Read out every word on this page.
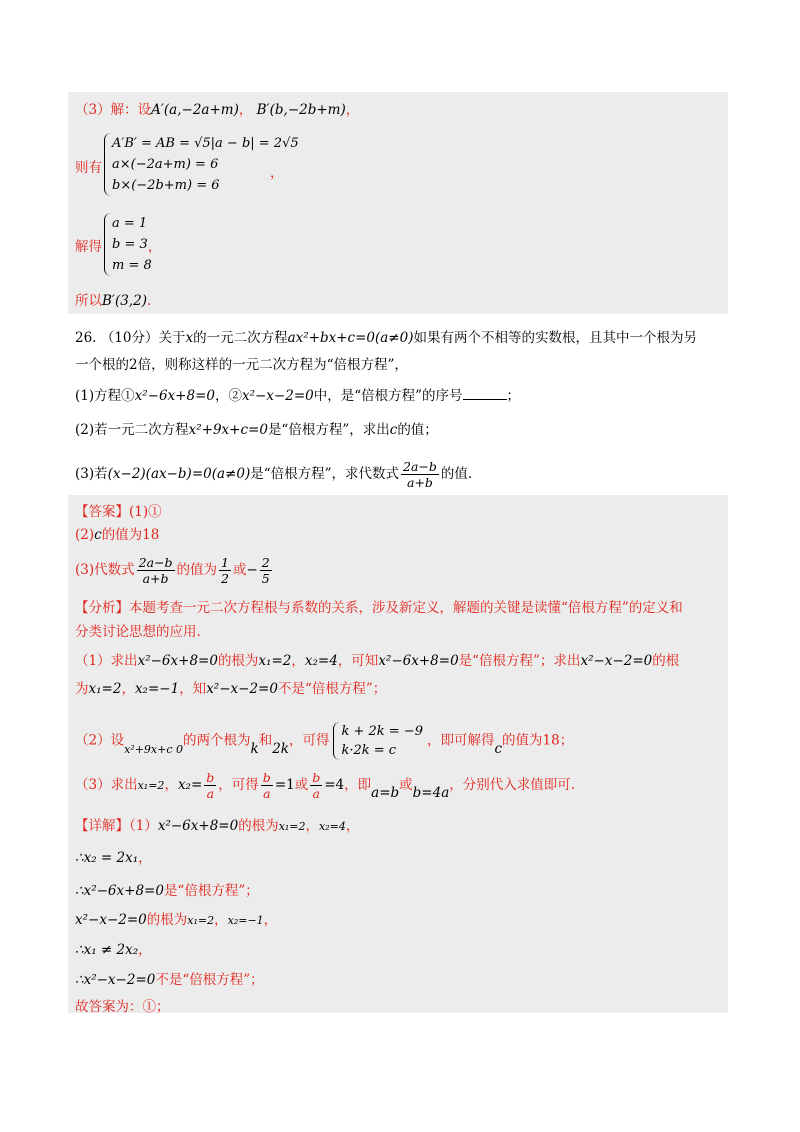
（3）解：设A′(a,−2a+m)， B′(b,−2b+m)，
则有
A′B′ = AB = √5|a − b| = 2√5
a×(−2a+m) = 6
b×(−2b+m) = 6
，
解得
a = 1
b = 3
m = 8
，
所以B′(3,2).
26. （10分）关于x的一元二次方程ax²+bx+c=0(a≠0)如果有两个不相等的实数根，且其中一个根为另
一个根的2倍，则称这样的一元二次方程为“倍根方程”，
(1)方程①x²−6x+8=0，②x²−x−2=0中，是“倍根方程”的序号	；
(2)若一元二次方程x²+9x+c=0是“倍根方程”，求出c的值；
(3)若(x−2)(ax−b)=0(a≠0)是“倍根方程”，求代数式 $\frac{2a-b}{a+b}$ 的值.
【答案】(1)①
(2)c的值为18
(3)代数式 $\frac{2a-b}{a+b}$ 的值为 $\frac{1}{2}$ 或− $\frac{2}{5}$
【分析】本题考查一元二次方程根与系数的关系，涉及新定义，解题的关键是读懂“倍根方程”的定义和
分类讨论思想的应用.
（1）求出x²−6x+8=0的根为x₁=2，x₂=4，可知x²−6x+8=0是“倍根方程”；求出x²−x−2=0的根
为x₁=2，x₂=−1，知x²−x−2=0不是“倍根方程”；
（2）设$_{x^2+9x+c 0}$的两个根为k和2k，可得
k + 2k = −9
k·2k = c
，即可解得c的值为18；
（3）求出x₁=2，$x_2= \frac{b}{a}$ ，可得 $\frac{b}{a} =1$或 $\frac{b}{a} =4$，即a=b或b=4a，分别代入求值即可.
【详解】（1）x²−6x+8=0的根为x₁=2，x₂=4，
∴x₂ = 2x₁，
∴x²−6x+8=0是“倍根方程”；
x²−x−2=0的根为x₁=2，x₂=−1，
∴x₁ ≠ 2x₂，
∴x²−x−2=0不是“倍根方程”；
故答案为：①；
